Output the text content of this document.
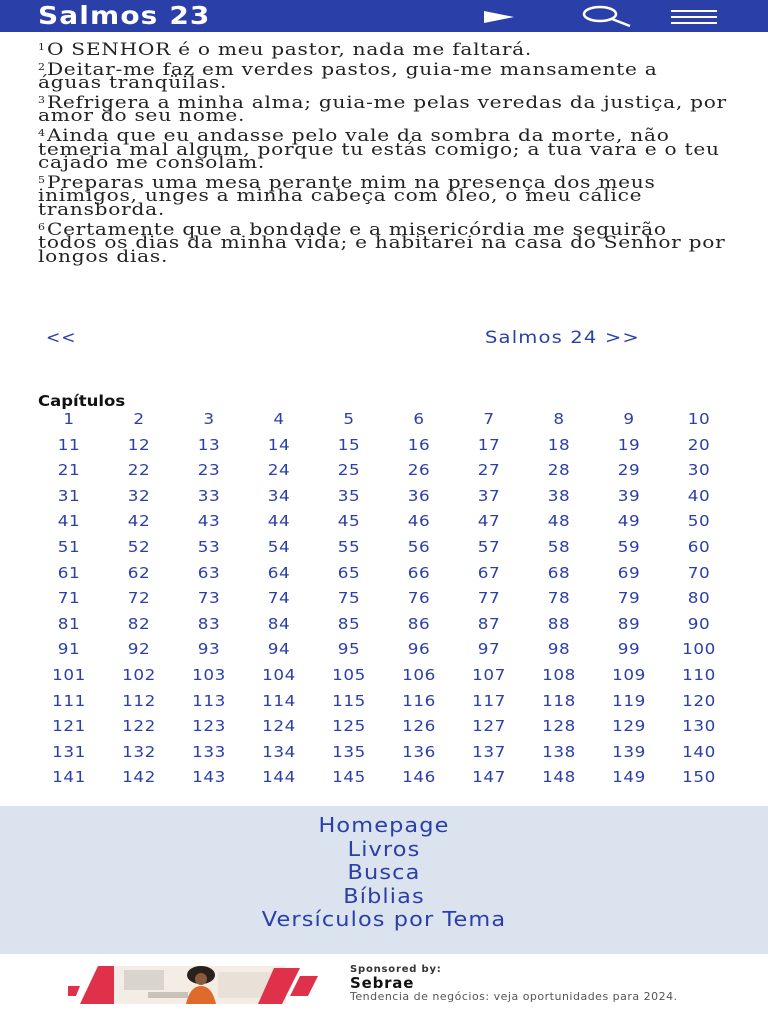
Salmos 23
$^1$O SENHOR é o meu pastor, nada me faltará.
$^2$Deitar-me faz em verdes pastos, guia-me mansamente a águas tranqüilas.
$^3$Refrigera a minha alma; guia-me pelas veredas da justiça, por amor do seu nome.
$^4$Ainda que eu andasse pelo vale da sombra da morte, não temeria mal algum, porque tu estás comigo; a tua vara e o teu cajado me consolam.
$^5$Preparas uma mesa perante mim na presença dos meus inimigos, unges a minha cabeça com óleo, o meu cálice transborda.
$^6$Certamente que a bondade e a misericórdia me seguirão todos os dias da minha vida; e habitarei na casa do Senhor por longos dias.
<<	Salmos 24 >>
Capítulos
1	2	3	4	5	6	7	8	9	10
11	12	13	14	15	16	17	18	19	20
21	22	23	24	25	26	27	28	29	30
31	32	33	34	35	36	37	38	39	40
41	42	43	44	45	46	47	48	49	50
51	52	53	54	55	56	57	58	59	60
61	62	63	64	65	66	67	68	69	70
71	72	73	74	75	76	77	78	79	80
81	82	83	84	85	86	87	88	89	90
91	92	93	94	95	96	97	98	99	100
101	102	103	104	105	106	107	108	109	110
111	112	113	114	115	116	117	118	119	120
121	122	123	124	125	126	127	128	129	130
131	132	133	134	135	136	137	138	139	140
141	142	143	144	145	146	147	148	149	150
Homepage
Livros
Busca
Bíblias
Versículos por Tema
Sponsored by:
Sebrae
Tendencia de negócios: veja oportunidades para 2024.
